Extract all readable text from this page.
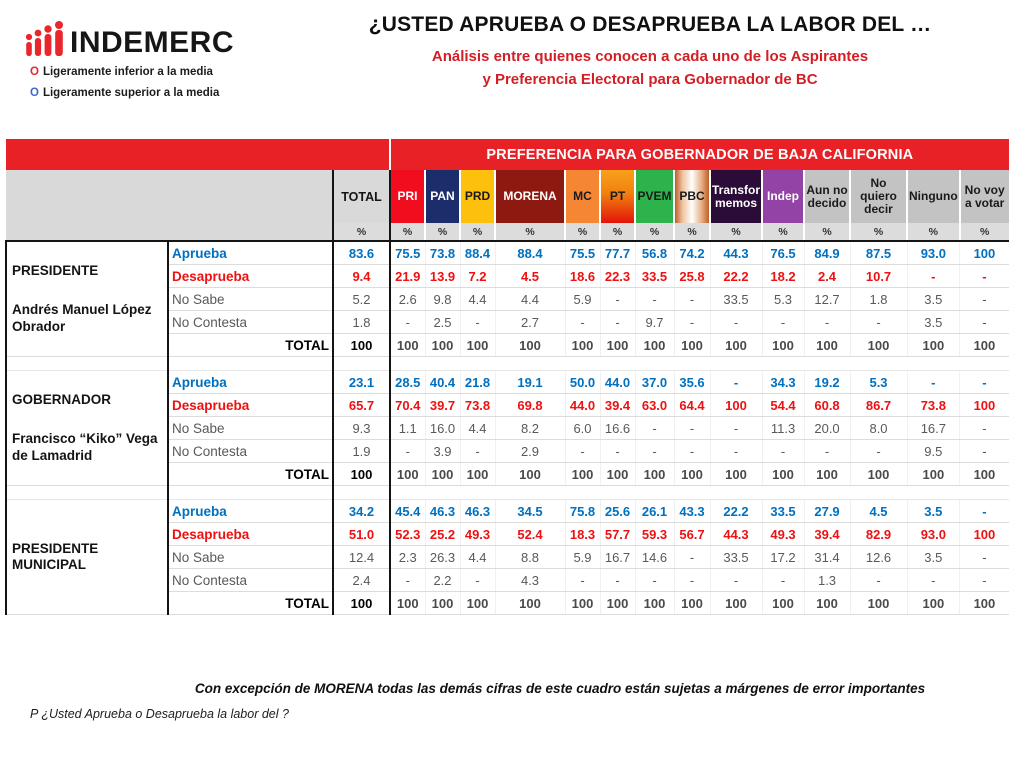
INDEMERC
O Ligeramente inferior a la media
O Ligeramente superior a la media
¿USTED APRUEBA O DESAPRUEBA LA LABOR DEL …
Análisis entre quienes conocen a cada uno de los Aspirantes
y Preferencia Electoral para Gobernador de BC
			PREFERENCIA PARA GOBERNADOR DE BAJA CALIFORNIA													
		TOTAL	PRI	PAN	PRD	MORENA	MC	PT	PVEM	PBC	Transfor memos	Indep	Aun no decido	No quiero decir	Ninguno	No voy a votar
		%	%	%	%	%	%	%	%	%	%	%	%	%	%	%

PRESIDENTE
Andrés Manuel López Obrador	Aprueba	83.6	75.5	73.8	88.4	88.4	75.5	77.7	56.8	74.2	44.3	76.5	84.9	87.5	93.0	100
	Desaprueba	9.4	21.9	13.9	7.2	4.5	18.6	22.3	33.5	25.8	22.2	18.2	2.4	10.7	-	-
	No Sabe	5.2	2.6	9.8	4.4	4.4	5.9	-	-	-	33.5	5.3	12.7	1.8	3.5	-
	No Contesta	1.8	-	2.5	-	2.7	-	-	9.7	-	-	-	-	-	3.5	-
	TOTAL	100	100	100	100	100	100	100	100	100	100	100	100	100	100	100

GOBERNADOR
Francisco “Kiko” Vega de Lamadrid	Aprueba	23.1	28.5	40.4	21.8	19.1	50.0	44.0	37.0	35.6	-	34.3	19.2	5.3	-	-
	Desaprueba	65.7	70.4	39.7	73.8	69.8	44.0	39.4	63.0	64.4	100	54.4	60.8	86.7	73.8	100
	No Sabe	9.3	1.1	16.0	4.4	8.2	6.0	16.6	-	-	-	11.3	20.0	8.0	16.7	-
	No Contesta	1.9	-	3.9	-	2.9	-	-	-	-	-	-	-	-	9.5	-
	TOTAL	100	100	100	100	100	100	100	100	100	100	100	100	100	100	100

PRESIDENTE MUNICIPAL	Aprueba	34.2	45.4	46.3	46.3	34.5	75.8	25.6	26.1	43.3	22.2	33.5	27.9	4.5	3.5	-
	Desaprueba	51.0	52.3	25.2	49.3	52.4	18.3	57.7	59.3	56.7	44.3	49.3	39.4	82.9	93.0	100
	No Sabe	12.4	2.3	26.3	4.4	8.8	5.9	16.7	14.6	-	33.5	17.2	31.4	12.6	3.5	-
	No Contesta	2.4	-	2.2	-	4.3	-	-	-	-	-	-	1.3	-	-	-
	TOTAL	100	100	100	100	100	100	100	100	100	100	100	100	100	100	100
Con excepción de MORENA todas las demás cifras de este cuadro están sujetas a márgenes de error importantes
P ¿Usted Aprueba o Desaprueba la labor del ?
